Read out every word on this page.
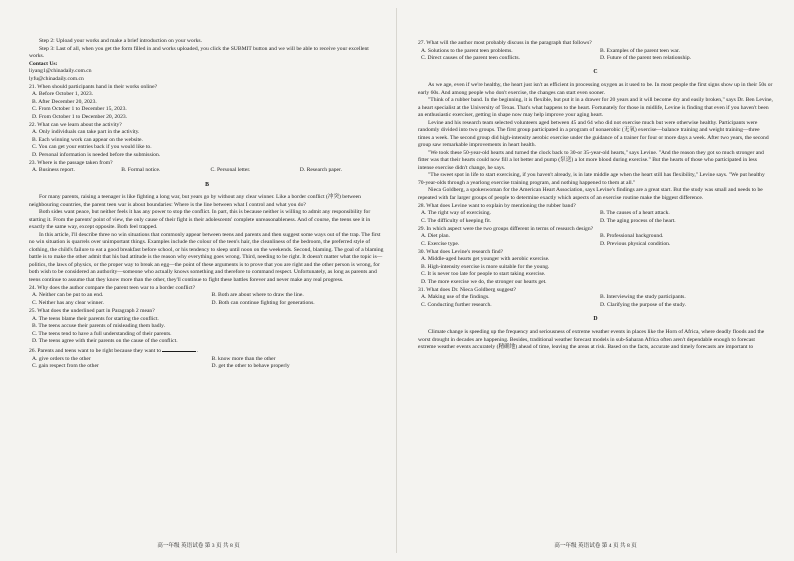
Step 2: Upload your works and make a brief introduction on your works.

Step 3: Last of all, when you get the form filled in and works uploaded, you click the SUBMIT button and we will be able to receive your excellent works.

Contact Us:

liyang1@chinadaily.com.cn

lyfu@chinadaily.com.cn

21. When should participants hand in their works online?

A. Before October 1, 2023.

B. After December 20, 2023.

C. From October 1 to December 15, 2023.

D. From October 1 to December 20, 2023.

22. What can we learn about the activity?

A. Only individuals can take part in the activity.

B. Each winning work can appear on the website.

C. You can get your entries back if you would like to.

D. Personal information is needed before the submission.

23. Where is the passage taken from?

A. Business report.	B. Formal notice.	C. Personal letter.	D. Research paper.

B

For many parents, raising a teenager is like fighting a long war, but years go by without any clear winner. Like a border conflict (冲突) between neighbouring countries, the parent teen war is about boundaries: Where is the line between what I control and what you do?

Both sides want peace, but neither feels it has any power to stop the conflict. In part, this is because neither is willing to admit any responsibility for starting it. From the parents' point of view, the only cause of their fight is their adolescents' complete unreasonableness. And of course, the teens see it in exactly the same way, except opposite. Both feel trapped.

In this article, I'll describe three no win situations that commonly appear between teens and parents and then suggest some ways out of the trap. The first no win situation is quarrels over unimportant things. Examples include the colour of the teen's hair, the cleanliness of the bedroom, the preferred style of clothing, the child's failure to eat a good breakfast before school, or his tendency to sleep until noon on the weekends. Second, blaming. The goal of a blaming battle is to make the other admit that his bad attitude is the reason why everything goes wrong. Third, needing to be right. It doesn't matter what the topic is—politics, the laws of physics, or the proper way to break an egg—the point of these arguments is to prove that you are right and the other person is wrong, for both wish to be considered an authority—someone who actually knows something and therefore to command respect. Unfortunately, as long as parents and teens continue to assume that they know more than the other, they'll continue to fight these battles forever and never make any real progress.

24. Why does the author compare the parent teen war to a border conflict?

A. Neither can be put to an end.	B. Both are about where to draw the line.

C. Neither has any clear winner.	D. Both can continue fighting for generations.

25. What does the underlined part in Paragraph 2 mean?

A. The teens blame their parents for starting the conflict.

B. The teens accuse their parents of misleading them badly.

C. The teens tend to have a full understanding of their parents.

D. The teens agree with their parents on the cause of the conflict.

26. Parents and teens want to be right because they want to	.

A. give orders to the other	B. know more than the other

C. gain respect from the other	D. get the other to behave properly

高一年级 英语试卷 第 3 页 共 8 页

27. What will the author most probably discuss in the paragraph that follows?

A. Solutions to the parent teen problems.	B. Examples of the parent teen war.

C. Direct causes of the parent teen conflicts.	D. Future of the parent teen relationship.

C

As we age, even if we're healthy, the heart just isn't as efficient in processing oxygen as it used to be. In most people the first signs show up in their 50s or early 60s. And among people who don't exercise, the changes can start even sooner.

"Think of a rubber band. In the beginning, it is flexible, but put it in a drawer for 20 years and it will become dry and easily broken," says Dr. Ben Levine, a heart specialist at the University of Texas. That's what happens to the heart. Fortunately for those in midlife, Levine is finding that even if you haven't been an enthusiastic exerciser, getting in shape now may help improve your aging heart.

Levine and his research team selected volunteers aged between 45 and 64 who did not exercise much but were otherwise healthy. Participants were randomly divided into two groups. The first group participated in a program of nonaerobic (无氧) exercise—balance training and weight training—three times a week. The second group did high-intensity aerobic exercise under the guidance of a trainer for four or more days a week. After two years, the second group saw remarkable improvements in heart health.

"We took these 50-year-old hearts and turned the clock back to 30-or 35-year-old hearts," says Levine. "And the reason they got so much stronger and fitter was that their hearts could now fill a lot better and pump (泵送) a lot more blood during exercise." But the hearts of those who participated in less intense exercise didn't change, he says.

"The sweet spot in life to start exercising, if you haven't already, is in late middle age when the heart still has flexibility," Levine says. "We put healthy 70-year-olds through a yearlong exercise training program, and nothing happened to them at all."

Nieca Goldberg, a spokeswoman for the American Heart Association, says Levine's findings are a great start. But the study was small and needs to be repeated with far larger groups of people to determine exactly which aspects of an exercise routine make the biggest difference.

28. What does Levine want to explain by mentioning the rubber band?

A. The right way of exercising.	B. The causes of a heart attack.

C. The difficulty of keeping fit.	D. The aging process of the heart.

29. In which aspect were the two groups different in terms of research design?

A. Diet plan.	B. Professional background.

C. Exercise type.	D. Previous physical condition.

30. What does Levine's research find?

A. Middle-aged hearts get younger with aerobic exercise.

B. High-intensity exercise is more suitable for the young.

C. It is never too late for people to start taking exercise.

D. The more exercise we do, the stronger our hearts get.

31. What does Dr. Nieca Goldberg suggest?

A. Making use of the findings.	B. Interviewing the study participants.

C. Conducting further research.	D. Clarifying the purpose of the study.

D

Climate change is speeding up the frequency and seriousness of extreme weather events in places like the Horn of Africa, where deadly floods and the worst drought in decades are happening. Besides, traditional weather forecast models in sub-Saharan Africa often aren't dependable enough to forecast extreme weather events accurately (精确地) ahead of time, leaving the areas at risk. Based on the facts, accurate and timely forecasts are important to

高一年级 英语试卷 第 4 页 共 8 页
